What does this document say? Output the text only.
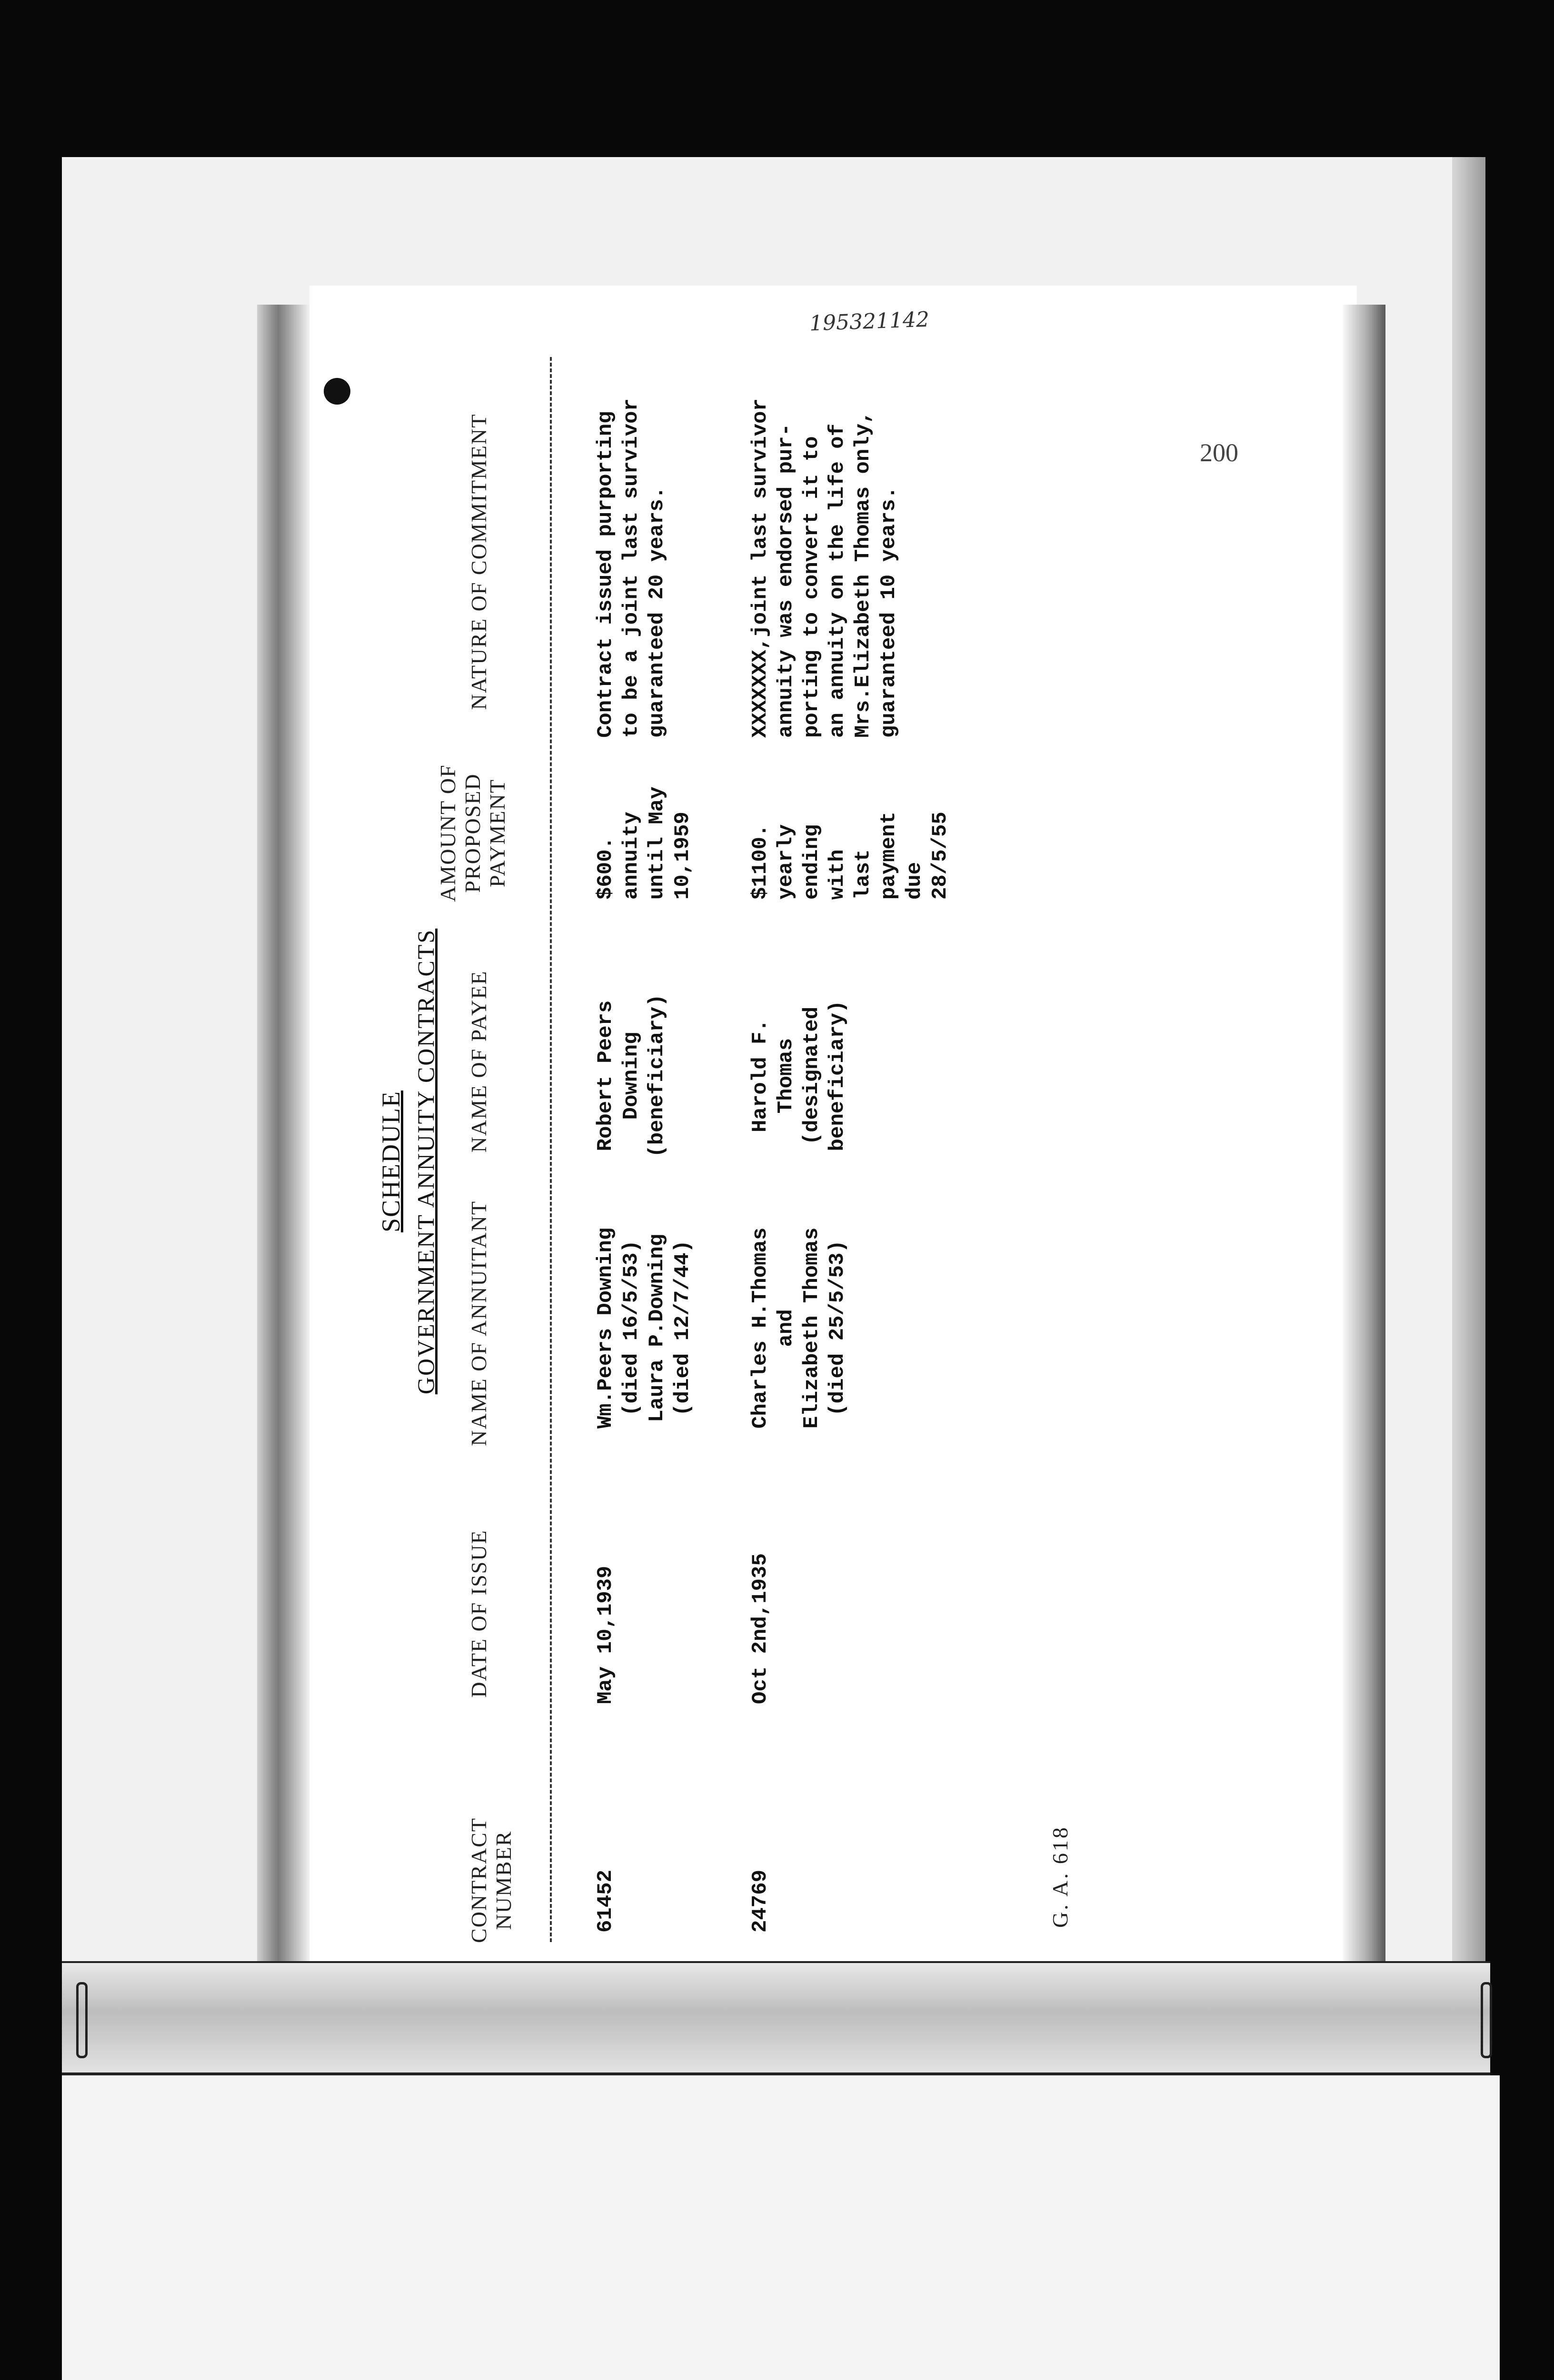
195321142
200
SCHEDULE GOVERNMENT ANNUITY CONTRACTS
CONTRACT
NUMBER
DATE OF ISSUE
NAME OF ANNUITANT
NAME OF PAYEE
AMOUNT OF
PROPOSED
PAYMENT
NATURE OF COMMITMENT
61452
May 10,1939
Wm.Peers Downing
(died 16/5/53)
Laura P.Downing
(died 12/7/44)
Robert Peers
Downing
(beneficiary)
$600.
annuity
until May
10,1959
Contract issued purporting
to be a joint last survivor
guaranteed 20 years.
24769
Oct 2nd,1935
Charles H.Thomas
and
Elizabeth Thomas
(died 25/5/53)
Harold F.
Thomas
(designated
beneficiary)
$1100.
yearly
ending
with
last
payment
due
28/5/55
XXXXXXX,joint last survivor
annuity was endorsed pur-
porting to convert it to
an annuity on the life of
Mrs.Elizabeth Thomas only,
guaranteed 10 years.
G. A. 618
